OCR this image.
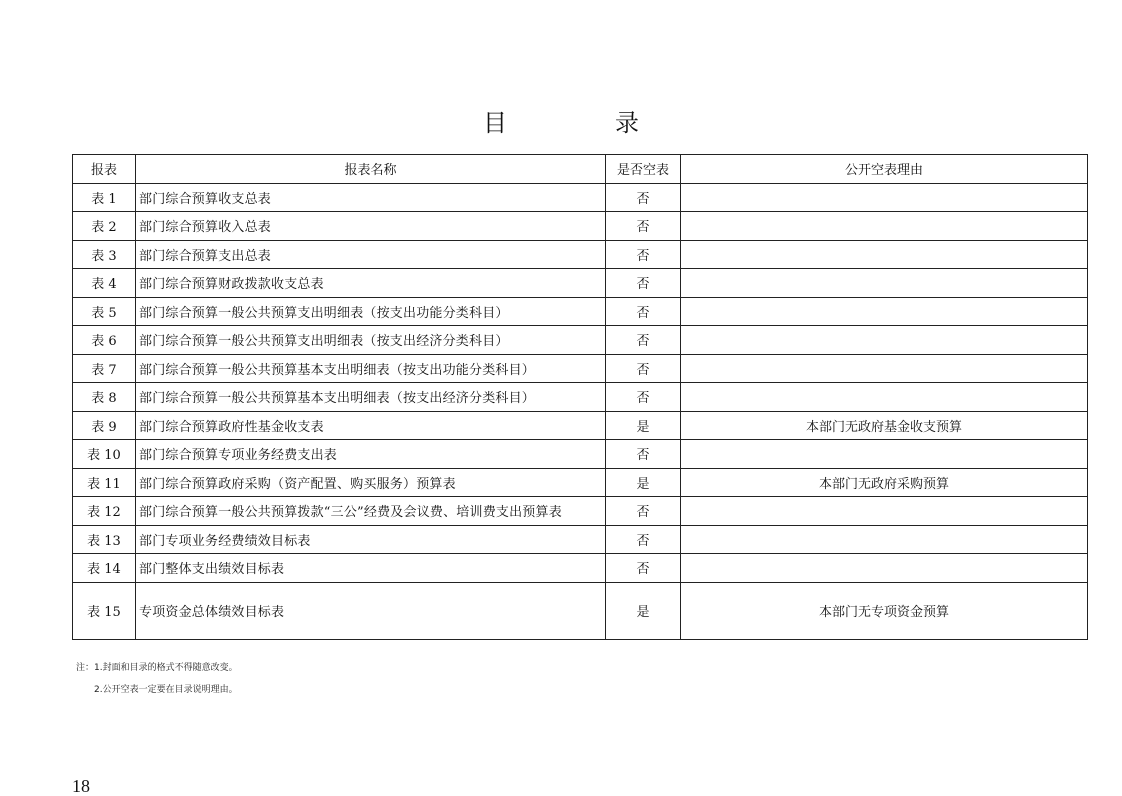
目　录
报表	报表名称	是否空表	公开空表理由
表 1	部门综合预算收支总表	否	
表 2	部门综合预算收入总表	否	
表 3	部门综合预算支出总表	否	
表 4	部门综合预算财政拨款收支总表	否	
表 5	部门综合预算一般公共预算支出明细表（按支出功能分类科目）	否	
表 6	部门综合预算一般公共预算支出明细表（按支出经济分类科目）	否	
表 7	部门综合预算一般公共预算基本支出明细表（按支出功能分类科目）	否	
表 8	部门综合预算一般公共预算基本支出明细表（按支出经济分类科目）	否	
表 9	部门综合预算政府性基金收支表	是	本部门无政府基金收支预算
表 10	部门综合预算专项业务经费支出表	否	
表 11	部门综合预算政府采购（资产配置、购买服务）预算表	是	本部门无政府采购预算
表 12	部门综合预算一般公共预算拨款“三公”经费及会议费、培训费支出预算表	否	
表 13	部门专项业务经费绩效目标表	否	
表 14	部门整体支出绩效目标表	否	
表 15	专项资金总体绩效目标表	是	本部门无专项资金预算
注：1.封面和目录的格式不得随意改变。
2.公开空表一定要在目录说明理由。
18
